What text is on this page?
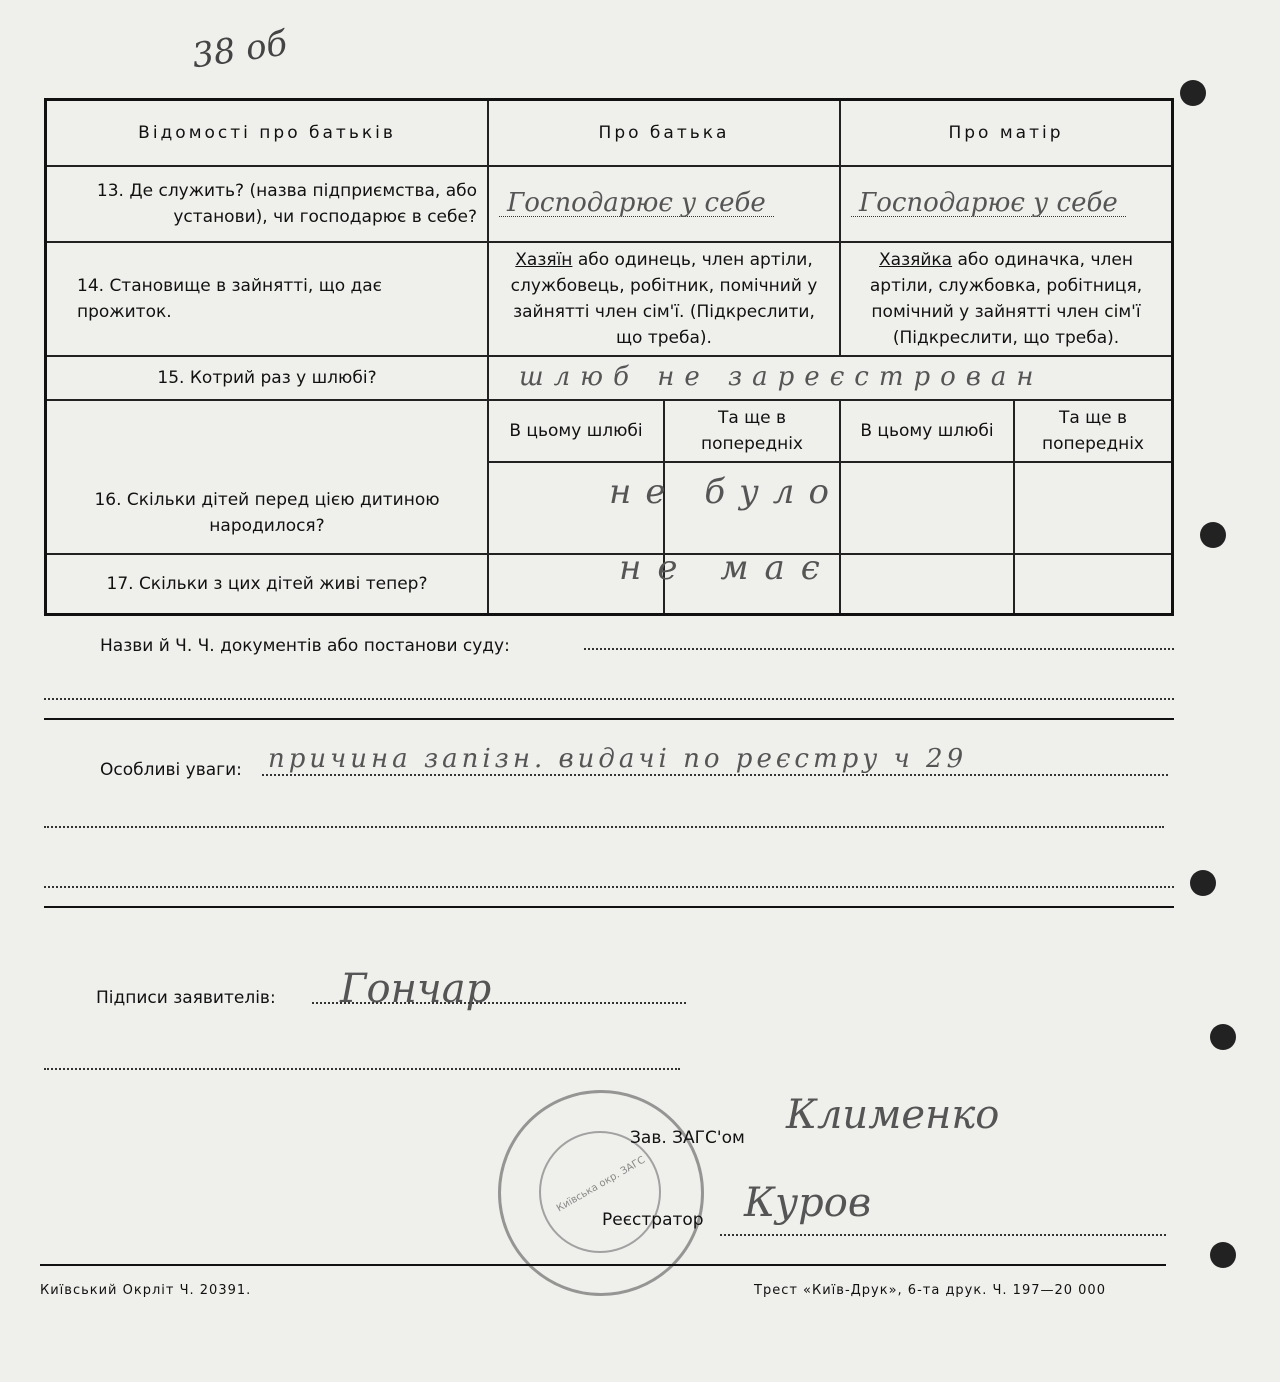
38 об
Відомості про батьків	Про батька		Про матір	
13. Де служить? (назва підприємства, або установи), чи господарює в себе?	Господарює у себе		Господарює у себе	
14. Становище в зайнятті, що дає прожиток.	Хазяїн або одинець, член артіли, службовець, робітник, помічний у зайнятті член сім'ї. (Підкреслити, що треба).		Хазяйка або одиначка, член артіли, службовка, робітниця, помічний у зайнятті член сім'ї (Підкреслити, що треба).	
15. Котрий раз у шлюбі?	шлюб не зареєстрован			
16. Скільки дітей перед цією дитиною народилося?	В цьому шлюбі	Та ще в попередніх	В цьому шлюбі	Та ще в попередніх

	не було			

17. Скільки з цих дітей живі тепер?	не має			

Назви й Ч. Ч. документів або постанови суду:
Особливі уваги: причина запізн. видачі по реєстру ч 29
Підписи заявителів: Гончар
Київська окр. ЗАГС
Зав. ЗАГС'ом Клименко
Реєстратор Куров
Київський Окрліт Ч. 20391.	Трест «Київ-Друк», 6-та друк. Ч. 197—20 000
